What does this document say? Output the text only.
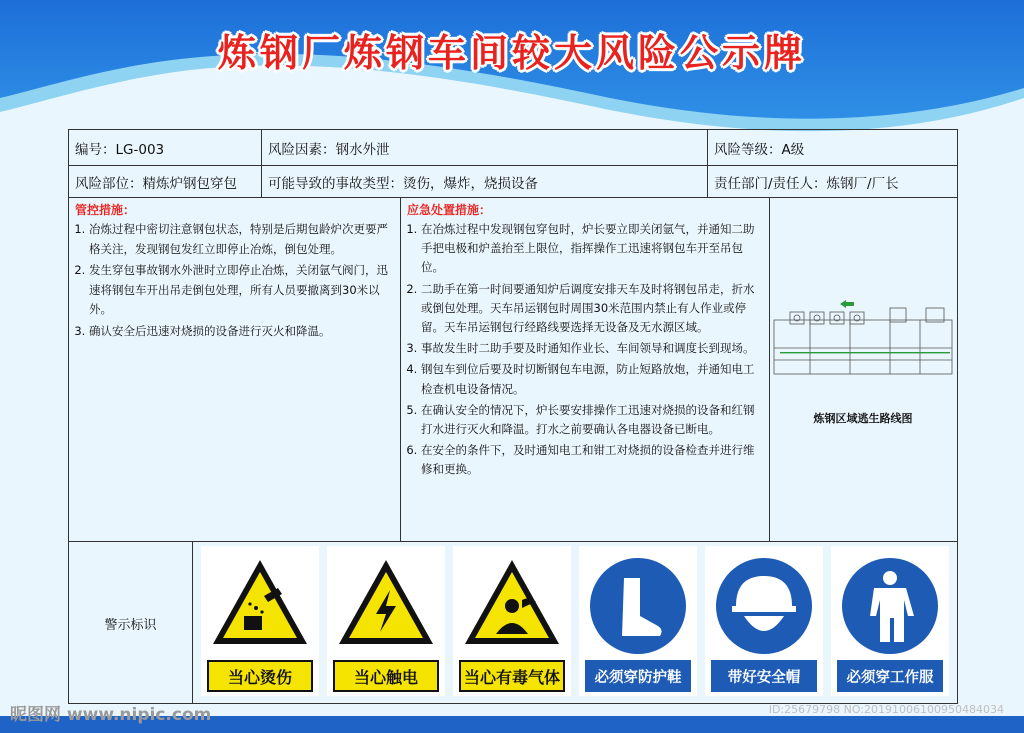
炼钢厂炼钢车间较大风险公示牌
编号：LG-003	风险因素：钢水外泄	风险等级：A级
风险部位：精炼炉钢包穿包	可能导致的事故类型：烫伤，爆炸，烧损设备	责任部门/责任人：炼钢厂/厂长
管控措施：
1. 冶炼过程中密切注意钢包状态，特别是后期包龄炉次更要严格关注，发现钢包发红立即停止冶炼，倒包处理。
2. 发生穿包事故钢水外泄时立即停止冶炼，关闭氩气阀门，迅速将钢包车开出吊走倒包处理，所有人员要撤离到30米以外。
3. 确认安全后迅速对烧损的设备进行灭火和降温。
应急处置措施：
1. 在冶炼过程中发现钢包穿包时，炉长要立即关闭氩气，并通知二助手把电极和炉盖抬至上限位，指挥操作工迅速将钢包车开至吊包位。
2. 二助手在第一时间要通知炉后调度安排天车及时将钢包吊走，折水或倒包处理。天车吊运钢包时周围30米范围内禁止有人作业或停留。天车吊运钢包行经路线要选择无设备及无水源区域。
3. 事故发生时二助手要及时通知作业长、车间领导和调度长到现场。
4. 钢包车到位后要及时切断钢包车电源，防止短路放炮，并通知电工检查机电设备情况。
5. 在确认安全的情况下，炉长要安排操作工迅速对烧损的设备和红钢打水进行灭火和降温。打水之前要确认各电器设备已断电。
6. 在安全的条件下，及时通知电工和钳工对烧损的设备检查并进行维修和更换。
炼钢区域逃生路线图
警示标识
当心烫伤	当心触电	当心有毒气体	必须穿防护鞋	带好安全帽	必须穿工作服
昵图网 www.nipic.com	ID:25679798 NO:20191006100950484034
